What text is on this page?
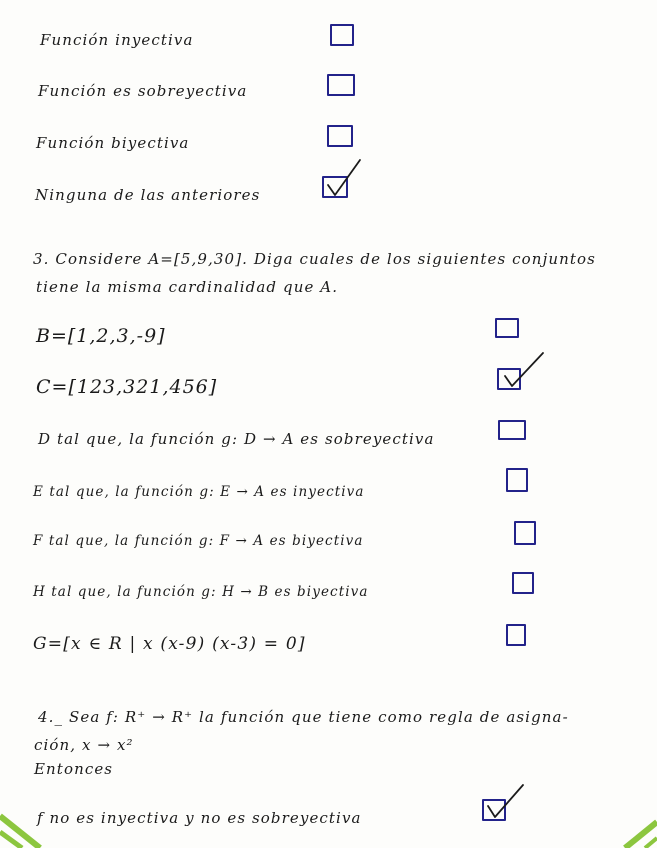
Función inyectiva
Función es sobreyectiva
Función biyectiva
Ninguna de las anteriores
3. Considere A=[5,9,30]. Diga cuales de los siguientes conjuntos
tiene la misma cardinalidad que A.
B=[1,2,3,-9]
C=[123,321,456]
D tal que, la función g: D → A es sobreyectiva
E tal que, la función g: E → A es inyectiva
F tal que, la función g: F → A es biyectiva
H tal que, la función g: H → B es biyectiva
G=[x ∈ R | x (x-9) (x-3) = 0]
4._ Sea f: R⁺ → R⁺ la función que tiene como regla de asigna-
ción, x → x²
Entonces
f no es inyectiva y no es sobreyectiva
